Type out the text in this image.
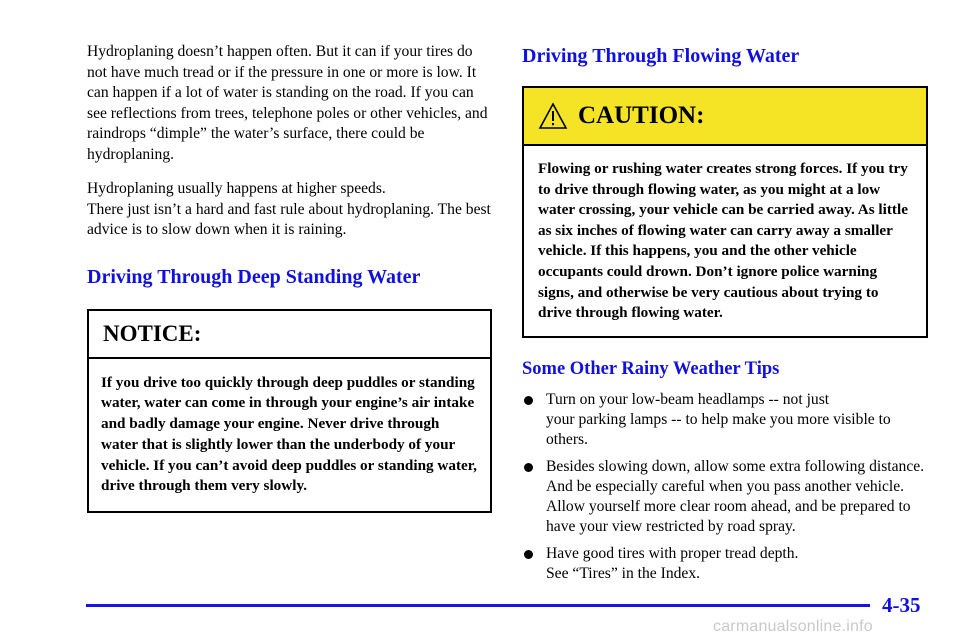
Hydroplaning doesn’t happen often. But it can if your tires do not have much tread or if the pressure in one or more is low. It can happen if a lot of water is standing on the road. If you can see reflections from trees, telephone poles or other vehicles, and raindrops “dimple” the water’s surface, there could be hydroplaning.

Hydroplaning usually happens at higher speeds.
There just isn’t a hard and fast rule about hydroplaning. The best advice is to slow down when it is raining.

Driving Through Deep Standing Water
NOTICE:
If you drive too quickly through deep puddles or standing water, water can come in through your engine’s air intake and badly damage your engine. Never drive through water that is slightly lower than the underbody of your vehicle. If you can’t avoid deep puddles or standing water, drive through them very slowly.
Driving Through Flowing Water
CAUTION:
Flowing or rushing water creates strong forces. If you try to drive through flowing water, as you might at a low water crossing, your vehicle can be carried away. As little as six inches of flowing water can carry away a smaller vehicle. If this happens, you and the other vehicle occupants could drown. Don’t ignore police warning signs, and otherwise be very cautious about trying to drive through flowing water.
Some Other Rainy Weather Tips
Turn on your low-beam headlamps -- not just
your parking lamps -- to help make you more visible to others.
Besides slowing down, allow some extra following distance. And be especially careful when you pass another vehicle. Allow yourself more clear room ahead, and be prepared to have your view restricted by road spray.
Have good tires with proper tread depth.
See “Tires” in the Index.
4-35
carmanualsonline.info
